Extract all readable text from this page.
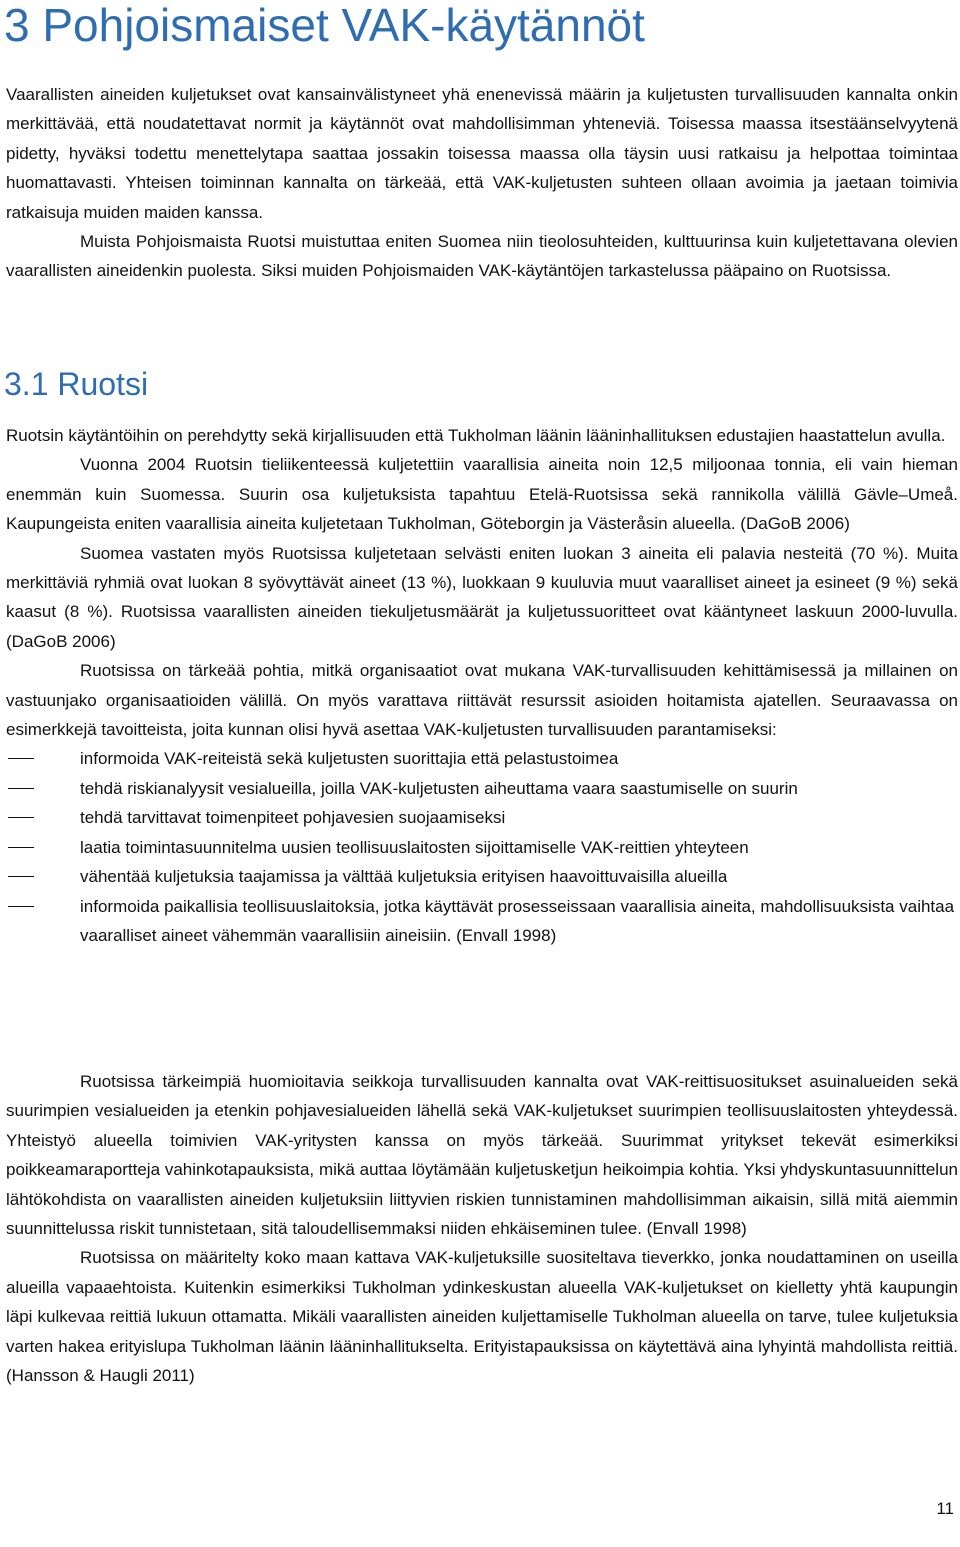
3 Pohjoismaiset VAK-käytännöt

Vaarallisten aineiden kuljetukset ovat kansainvälistyneet yhä enenevissä määrin ja kuljetusten turvallisuuden kannalta onkin merkittävää, että noudatettavat normit ja käytännöt ovat mahdollisimman yhteneviä. Toisessa maassa itsestäänselvyytenä pidetty, hyväksi todettu menettelytapa saattaa jossakin toisessa maassa olla täysin uusi ratkaisu ja helpottaa toimintaa huomattavasti. Yhteisen toiminnan kannalta on tärkeää, että VAK-kuljetusten suhteen ollaan avoimia ja jaetaan toimivia ratkaisuja muiden maiden kanssa.

Muista Pohjoismaista Ruotsi muistuttaa eniten Suomea niin tieolosuhteiden, kulttuurinsa kuin kuljetettavana olevien vaarallisten aineidenkin puolesta. Siksi muiden Pohjoismaiden VAK-käytäntöjen tarkastelussa pääpaino on Ruotsissa.

3.1 Ruotsi

Ruotsin käytäntöihin on perehdytty sekä kirjallisuuden että Tukholman läänin lääninhallituksen edustajien haastattelun avulla.

Vuonna 2004 Ruotsin tieliikenteessä kuljetettiin vaarallisia aineita noin 12,5 miljoonaa tonnia, eli vain hieman enemmän kuin Suomessa. Suurin osa kuljetuksista tapahtuu Etelä-Ruotsissa sekä rannikolla välillä Gävle–Umeå. Kaupungeista eniten vaarallisia aineita kuljetetaan Tukholman, Göteborgin ja Västeråsin alueella. (DaGoB 2006)

Suomea vastaten myös Ruotsissa kuljetetaan selvästi eniten luokan 3 aineita eli palavia nesteitä (70 %). Muita merkittäviä ryhmiä ovat luokan 8 syövyttävät aineet (13 %), luokkaan 9 kuuluvia muut vaaralliset aineet ja esineet (9 %) sekä kaasut (8 %). Ruotsissa vaarallisten aineiden tiekuljetusmäärät ja kuljetussuoritteet ovat kääntyneet laskuun 2000-luvulla. (DaGoB 2006)

Ruotsissa on tärkeää pohtia, mitkä organisaatiot ovat mukana VAK-turvallisuuden kehittämisessä ja millainen on vastuunjako organisaatioiden välillä. On myös varattava riittävät resurssit asioiden hoitamista ajatellen. Seuraavassa on esimerkkejä tavoitteista, joita kunnan olisi hyvä asettaa VAK-kuljetusten turvallisuuden parantamiseksi:

informoida VAK-reiteistä sekä kuljetusten suorittajia että pelastustoimea
tehdä riskianalyysit vesialueilla, joilla VAK-kuljetusten aiheuttama vaara saastumiselle on suurin
tehdä tarvittavat toimenpiteet pohjavesien suojaamiseksi
laatia toimintasuunnitelma uusien teollisuuslaitosten sijoittamiselle VAK-reittien yhteyteen
vähentää kuljetuksia taajamissa ja välttää kuljetuksia erityisen haavoittuvaisilla alueilla
informoida paikallisia teollisuuslaitoksia, jotka käyttävät prosesseissaan vaarallisia aineita, mahdollisuuksista vaihtaa vaaralliset aineet vähemmän vaarallisiin aineisiin. (Envall 1998)

Ruotsissa tärkeimpiä huomioitavia seikkoja turvallisuuden kannalta ovat VAK-reittisuositukset asuinalueiden sekä suurimpien vesialueiden ja etenkin pohjavesialueiden lähellä sekä VAK-kuljetukset suurimpien teollisuuslaitosten yhteydessä. Yhteistyö alueella toimivien VAK-yritysten kanssa on myös tärkeää. Suurimmat yritykset tekevät esimerkiksi poikkeamaraportteja vahinkotapauksista, mikä auttaa löytämään kuljetusketjun heikoimpia kohtia. Yksi yhdyskuntasuunnittelun lähtökohdista on vaarallisten aineiden kuljetuksiin liittyvien riskien tunnistaminen mahdollisimman aikaisin, sillä mitä aiemmin suunnittelussa riskit tunnistetaan, sitä taloudellisemmaksi niiden ehkäiseminen tulee. (Envall 1998)

Ruotsissa on määritelty koko maan kattava VAK-kuljetuksille suositeltava tieverkko, jonka noudattaminen on useilla alueilla vapaaehtoista. Kuitenkin esimerkiksi Tukholman ydinkeskustan alueella VAK-kuljetukset on kielletty yhtä kaupungin läpi kulkevaa reittiä lukuun ottamatta. Mikäli vaarallisten aineiden kuljettamiselle Tukholman alueella on tarve, tulee kuljetuksia varten hakea erityislupa Tukholman läänin lääninhallitukselta. Erityistapauksissa on käytettävä aina lyhyintä mahdollista reittiä. (Hansson & Haugli 2011)

11
